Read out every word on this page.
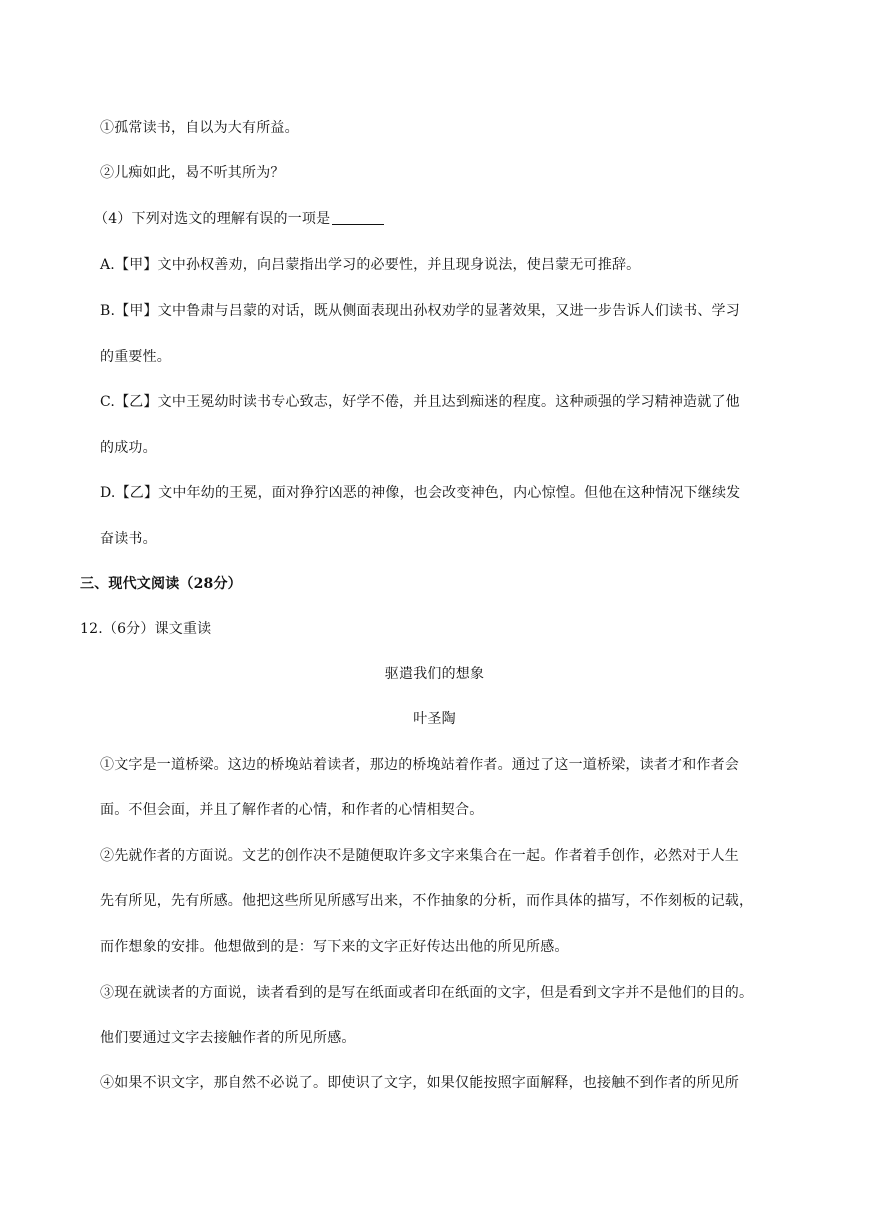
①孤常读书，自以为大有所益。
②儿痴如此，曷不听其所为？
（4）下列对选文的理解有误的一项是
A.【甲】文中孙权善劝，向吕蒙指出学习的必要性，并且现身说法，使吕蒙无可推辞。
B.【甲】文中鲁肃与吕蒙的对话，既从侧面表现出孙权劝学的显著效果，又进一步告诉人们读书、学习
的重要性。
C.【乙】文中王冕幼时读书专心致志，好学不倦，并且达到痴迷的程度。这种顽强的学习精神造就了他
的成功。
D.【乙】文中年幼的王冕，面对狰狞凶恶的神像，也会改变神色，内心惊惶。但他在这种情况下继续发
奋读书。
三、现代文阅读（28分）
12.（6分）课文重读
驱遣我们的想象
叶圣陶
①文字是一道桥梁。这边的桥堍站着读者，那边的桥堍站着作者。通过了这一道桥梁，读者才和作者会
面。不但会面，并且了解作者的心情，和作者的心情相契合。
②先就作者的方面说。文艺的创作决不是随便取许多文字来集合在一起。作者着手创作，必然对于人生
先有所见，先有所感。他把这些所见所感写出来，不作抽象的分析，而作具体的描写，不作刻板的记载，
而作想象的安排。他想做到的是：写下来的文字正好传达出他的所见所感。
③现在就读者的方面说，读者看到的是写在纸面或者印在纸面的文字，但是看到文字并不是他们的目的。
他们要通过文字去接触作者的所见所感。
④如果不识文字，那自然不必说了。即使识了文字，如果仅能按照字面解释，也接触不到作者的所见所
